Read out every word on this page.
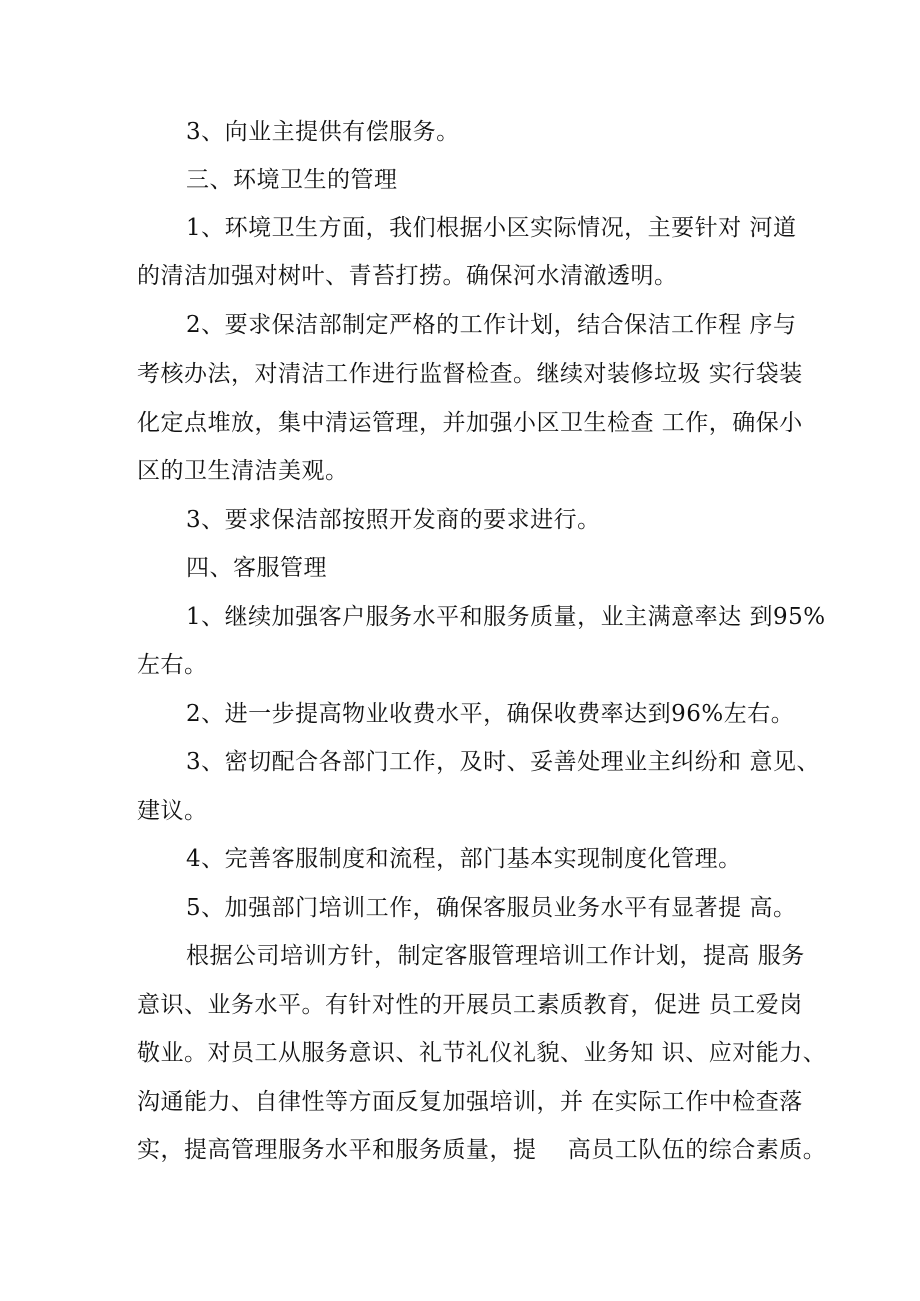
3、向业主提供有偿服务。
三、环境卫生的管理
1、环境卫生方面，我们根据小区实际情况，主要针对 河道
的清洁加强对树叶、青苔打捞。确保河水清澈透明。
2、要求保洁部制定严格的工作计划，结合保洁工作程 序与
考核办法，对清洁工作进行监督检查。继续对装修垃圾 实行袋装
化定点堆放，集中清运管理，并加强小区卫生检查 工作，确保小
区的卫生清洁美观。
3、要求保洁部按照开发商的要求进行。
四、客服管理
1、继续加强客户服务水平和服务质量，业主满意率达 到95%
左右。
2、进一步提高物业收费水平，确保收费率达到96%左右。
3、密切配合各部门工作，及时、妥善处理业主纠纷和 意见、
建议。
4、完善客服制度和流程，部门基本实现制度化管理。
5、加强部门培训工作，确保客服员业务水平有显著提 高。
根据公司培训方针，制定客服管理培训工作计划，提高 服务
意识、业务水平。有针对性的开展员工素质教育，促进 员工爱岗
敬业。对员工从服务意识、礼节礼仪礼貌、业务知 识、应对能力、
沟通能力、自律性等方面反复加强培训，并 在实际工作中检查落
实，提高管理服务水平和服务质量，提    高员工队伍的综合素质。
